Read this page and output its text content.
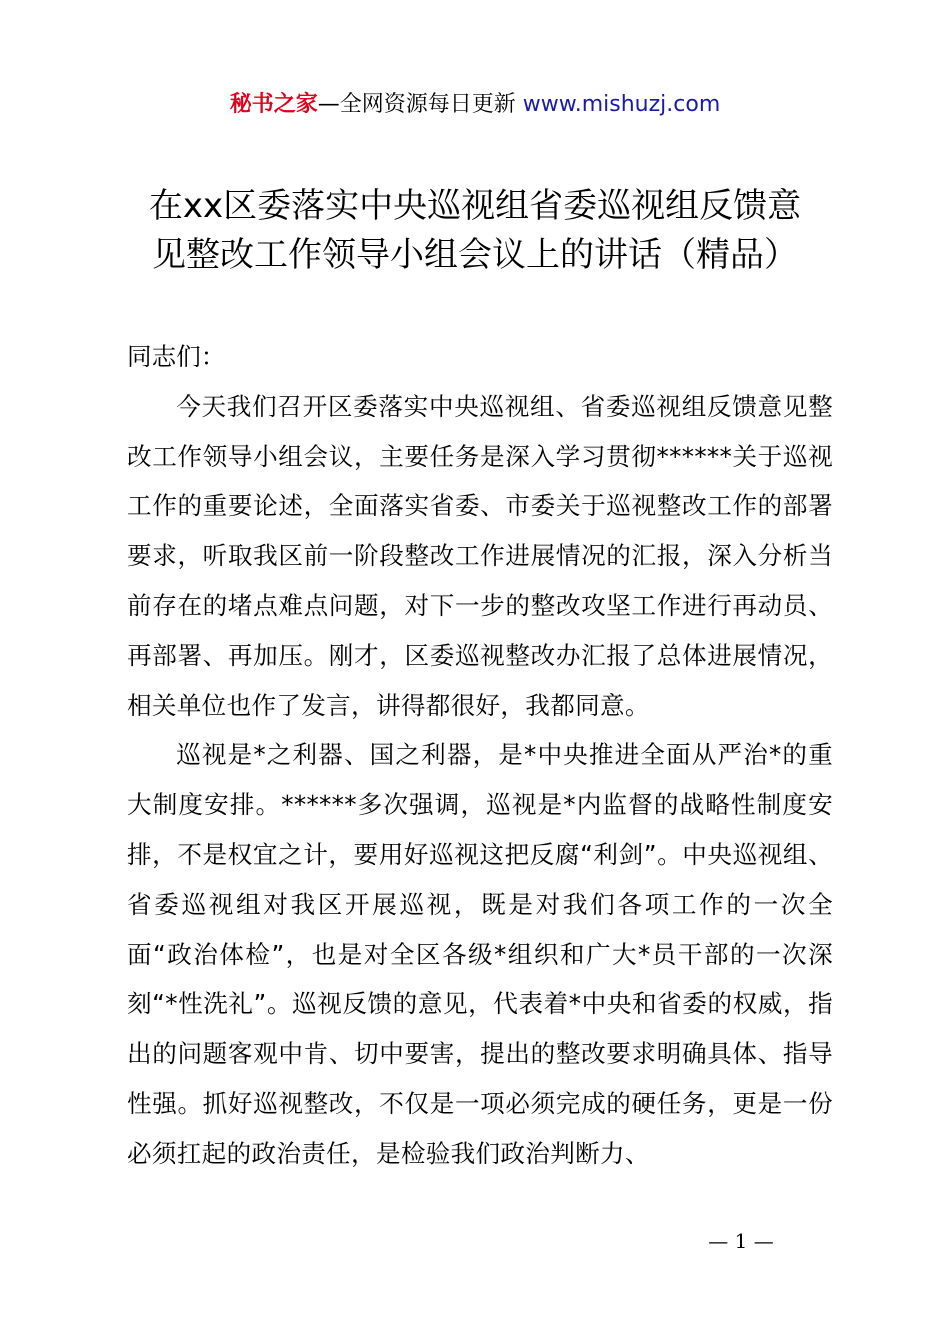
秘书之家—全网资源每日更新 www.mishuzj.com
在xx区委落实中央巡视组省委巡视组反馈意
见整改工作领导小组会议上的讲话（精品）

同志们：

今天我们召开区委落实中央巡视组、省委巡视组反馈意见整改工作领导小组会议，主要任务是深入学习贯彻******关于巡视工作的重要论述，全面落实省委、市委关于巡视整改工作的部署要求，听取我区前一阶段整改工作进展情况的汇报，深入分析当前存在的堵点难点问题，对下一步的整改攻坚工作进行再动员、再部署、再加压。刚才，区委巡视整改办汇报了总体进展情况，相关单位也作了发言，讲得都很好，我都同意。

巡视是*之利器、国之利器，是*中央推进全面从严治*的重大制度安排。******多次强调，巡视是*内监督的战略性制度安排，不是权宜之计，要用好巡视这把反腐“利剑”。中央巡视组、省委巡视组对我区开展巡视，既是对我们各项工作的一次全面“政治体检”，也是对全区各级*组织和广大*员干部的一次深刻“*性洗礼”。巡视反馈的意见，代表着*中央和省委的权威，指出的问题客观中肯、切中要害，提出的整改要求明确具体、指导性强。抓好巡视整改，不仅是一项必须完成的硬任务，更是一份必须扛起的政治责任，是检验我们政治判断力、

— 1 —
